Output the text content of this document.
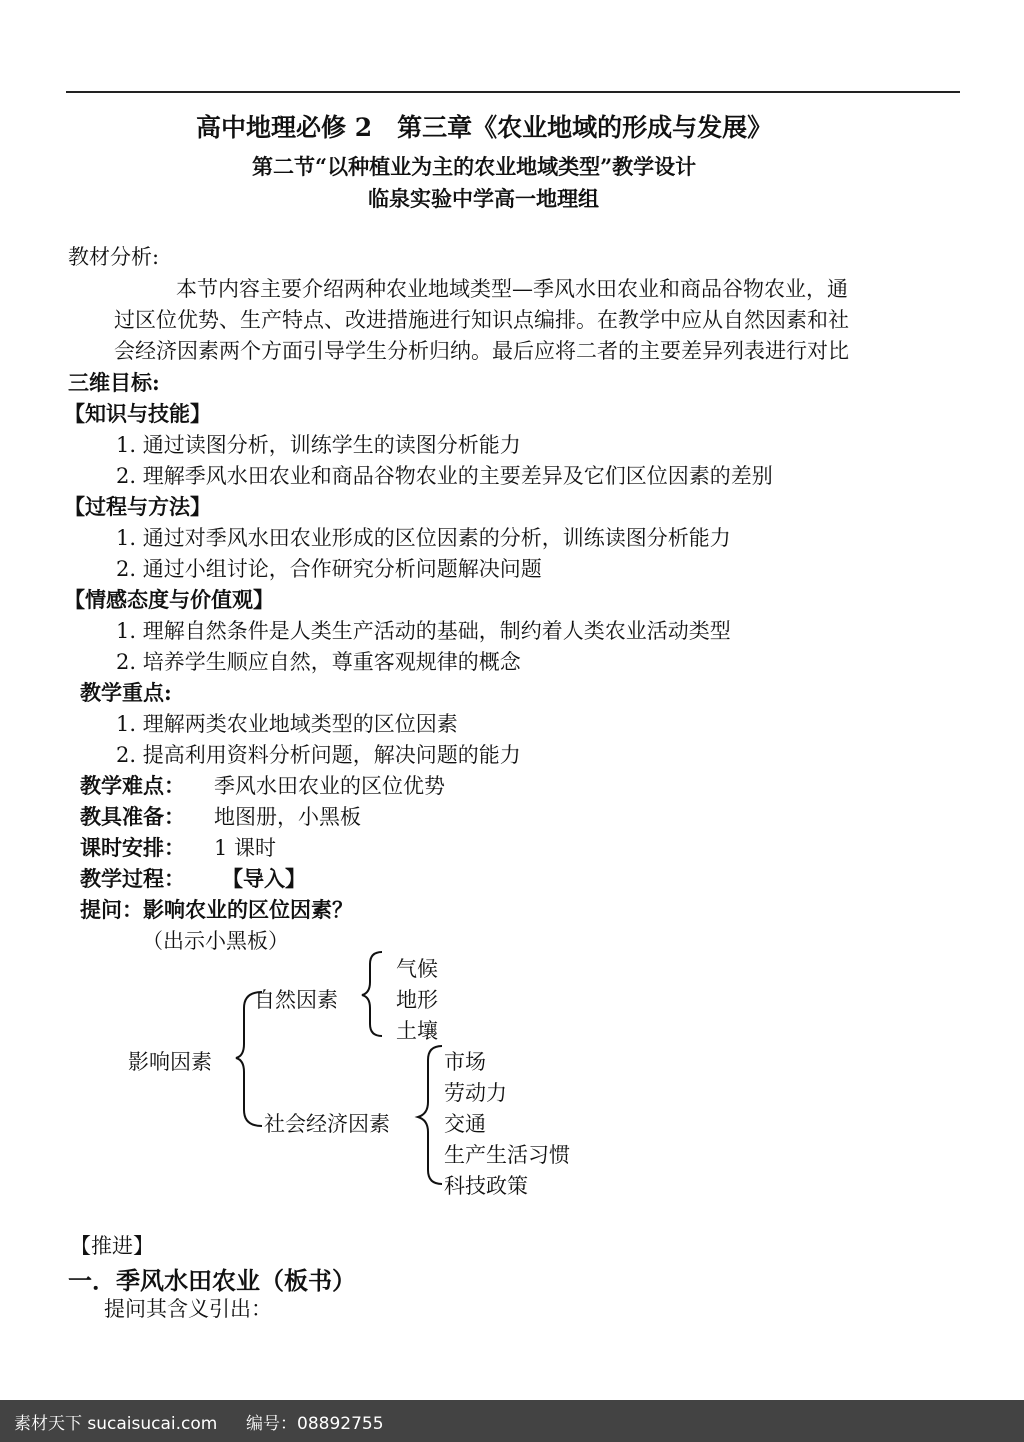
高中地理必修 2　第三章《农业地域的形成与发展》
第二节“以种植业为主的农业地域类型”教学设计
临泉实验中学高一地理组
教材分析:
本节内容主要介绍两种农业地域类型—季风水田农业和商品谷物农业，通
过区位优势、生产特点、改进措施进行知识点编排。在教学中应从自然因素和社
会经济因素两个方面引导学生分析归纳。最后应将二者的主要差异列表进行对比
三维目标:
【知识与技能】
1. 通过读图分析，训练学生的读图分析能力
2. 理解季风水田农业和商品谷物农业的主要差异及它们区位因素的差别
【过程与方法】
1. 通过对季风水田农业形成的区位因素的分析，训练读图分析能力
2. 通过小组讨论，合作研究分析问题解决问题
【情感态度与价值观】
1. 理解自然条件是人类生产活动的基础，制约着人类农业活动类型
2. 培养学生顺应自然，尊重客观规律的概念
教学重点:
1. 理解两类农业地域类型的区位因素
2. 提高利用资料分析问题，解决问题的能力
教学难点： 季风水田农业的区位优势
教具准备： 地图册，小黑板
课时安排： 1 课时
教学过程： 【导入】
提问：影响农业的区位因素？
（出示小黑板）
影响因素
自然因素
气候
地形
土壤
社会经济因素
市场
劳动力
交通
生产生活习惯
科技政策
【推进】
一．季风水田农业（板书）
提问其含义引出：
素材天下 sucaisucai.com 编号：08892755
